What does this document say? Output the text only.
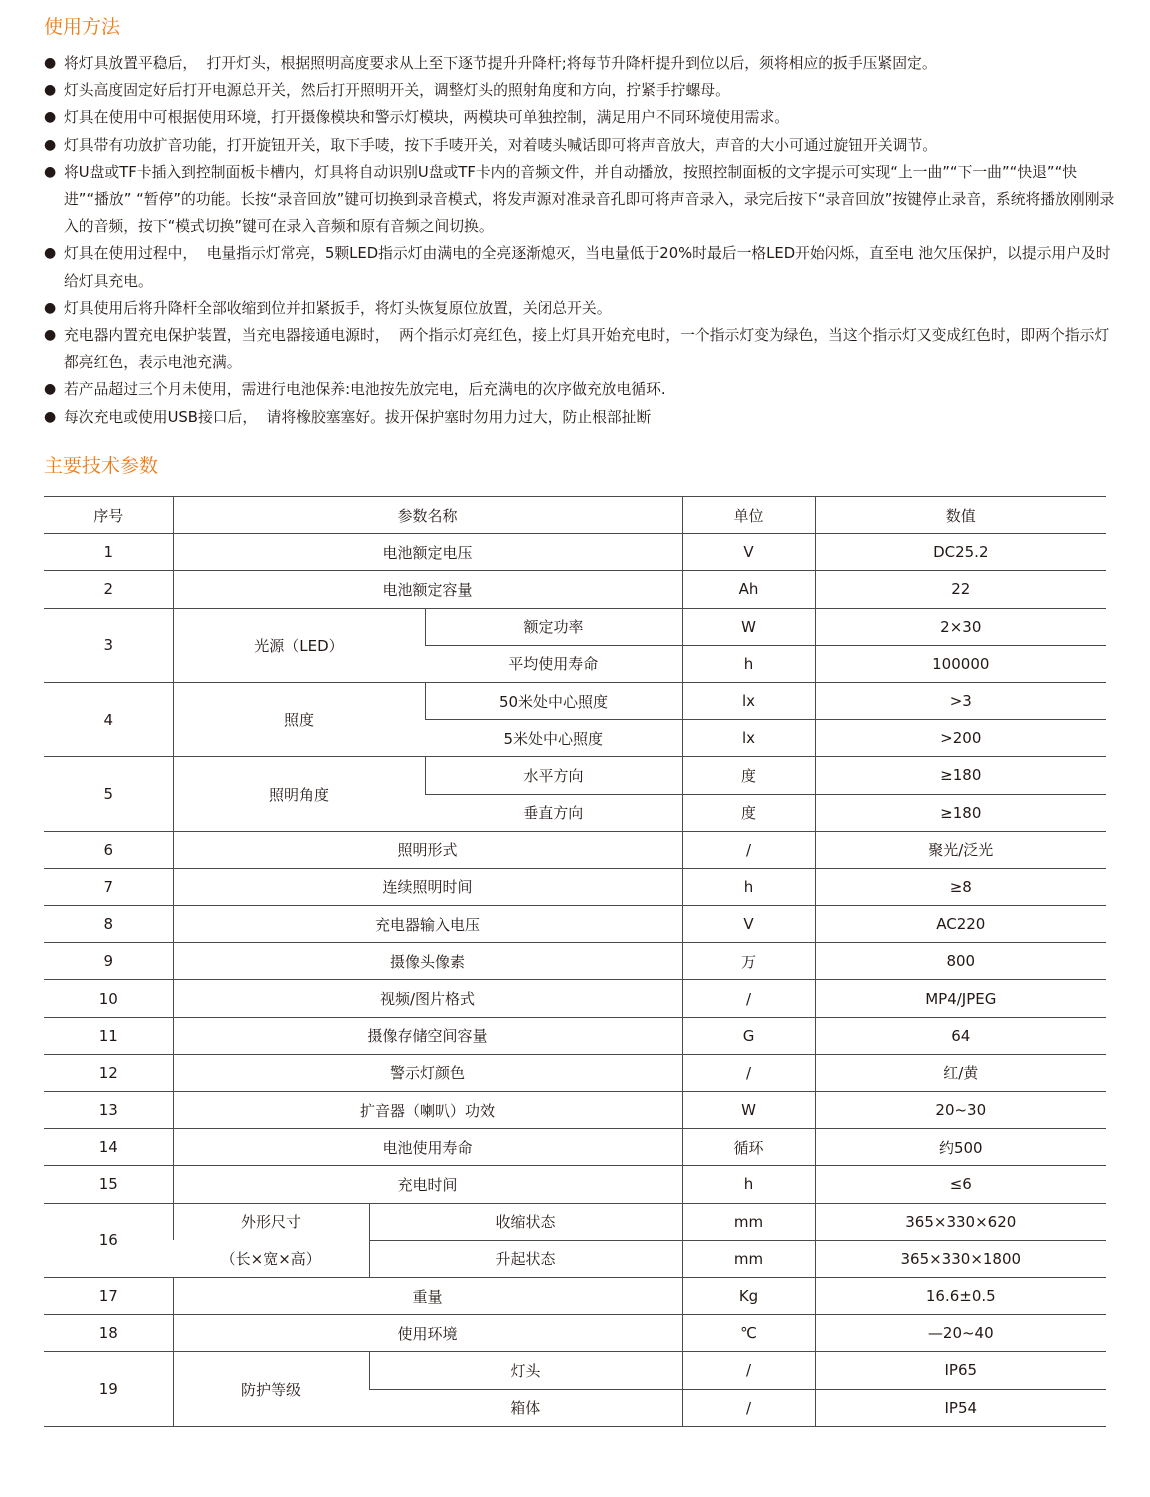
使用方法
● 将灯具放置平稳后，  打开灯头，根据照明高度要求从上至下逐节提升升降杆;将每节升降杆提升到位以后，须将相应的扳手压紧固定。
● 灯头高度固定好后打开电源总开关，然后打开照明开关，调整灯头的照射角度和方向，拧紧手拧螺母。
● 灯具在使用中可根据使用环境，打开摄像模块和警示灯模块，两模块可单独控制，满足用户不同环境使用需求。
● 灯具带有功放扩音功能，打开旋钮开关，取下手唛，按下手唛开关，对着唛头喊话即可将声音放大，声音的大小可通过旋钮开关调节。
● 将U盘或TF卡插入到控制面板卡槽内，灯具将自动识别U盘或TF卡内的音频文件，并自动播放，按照控制面板的文字提示可实现“上一曲”“下一曲”“快退”“快进”“播放” “暂停”的功能。长按“录音回放”键可切换到录音模式，将发声源对准录音孔即可将声音录入，录完后按下“录音回放”按键停止录音，系统将播放刚刚录入的音频，按下“模式切换”键可在录入音频和原有音频之间切换。
● 灯具在使用过程中，  电量指示灯常亮，5颗LED指示灯由满电的全亮逐渐熄灭，当电量低于20%时最后一格LED开始闪烁，直至电 池欠压保护，以提示用户及时给灯具充电。
● 灯具使用后将升降杆全部收缩到位并扣紧扳手，将灯头恢复原位放置，关闭总开关。
● 充电器内置充电保护装置，当充电器接通电源时，  两个指示灯亮红色，接上灯具开始充电时，一个指示灯变为绿色，当这个指示灯又变成红色时，即两个指示灯都亮红色，表示电池充满。
● 若产品超过三个月未使用，需进行电池保养:电池按先放完电，后充满电的次序做充放电循环.
● 每次充电或使用USB接口后，  请将橡胶塞塞好。拔开保护塞时勿用力过大，防止根部扯断
主要技术参数
序号	参数名称			单位	数值
1	电池额定电压			V	DC25.2
2	电池额定容量			Ah	22
3	光源（LED）		额定功率	W	2×30
			平均使用寿命	h	100000
4	照度		50米处中心照度	lx	>3
			5米处中心照度	lx	>200
5	照明角度		水平方向	度	≥180
			垂直方向	度	≥180
6	照明形式			/	聚光/泛光
7	连续照明时间			h	≥8
8	充电器输入电压			V	AC220
9	摄像头像素			万	800
10	视频/图片格式			/	MP4/JPEG
11	摄像存储空间容量			G	64
12	警示灯颜色			/	红/黄
13	扩音器（喇叭）功效			W	20~30
14	电池使用寿命			循环	约500
15	充电时间			h	≤6
16	外形尺寸	收缩状态		mm	365×330×620
	（长×宽×高）	升起状态		mm	365×330×1800
17	重量			Kg	16.6±0.5
18	使用环境			℃	—20~40
19	防护等级	灯头		/	IP65
		箱体		/	IP54
